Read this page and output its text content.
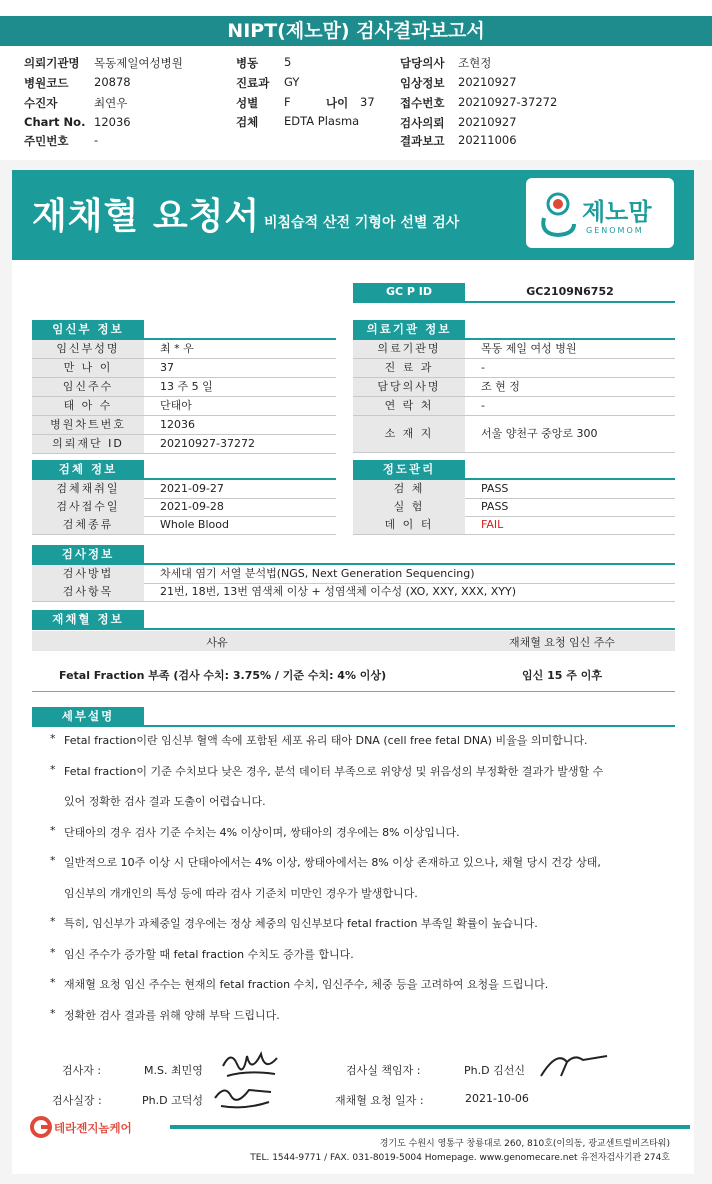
NIPT(제노맘) 검사결과보고서
의뢰기관명 목동제일여성병원
병원코드 20878
수진자	최연우
Chart No. 12036
주민번호 -
병동 5
진료과 GY
성별 F	나이 37
검체 EDTA Plasma
담당의사 조현정
임상정보 20210927
접수번호 20210927-37272
검사의뢰 20210927
결과보고 20211006
재채혈 요청서 비침습적 산전 기형아 선별 검사	제노맘
GENOMOM
GC P ID	GC2109N6752
임신부 정보
임신부성명	최 * 우
만 나 이	37
임신주수	13 주 5 일
태 아 수	단태아
병원차트번호	12036
의뢰재단 ID	20210927-37272
의료기관 정보
의료기관명	목동 제일 여성 병원
진 료 과	-
담당의사명	조 현 정
연 락 처	-
소 재 지	서울 양천구 중앙로 300
검체 정보
검체채취일	2021-09-27
검사접수일	2021-09-28
검체종류	Whole Blood
정도관리
검 체	PASS
실 험	PASS
데 이 터	FAIL
검사정보
검사방법	차세대 염기 서열 분석법(NGS, Next Generation Sequencing)
검사항목	21번, 18번, 13번 염색체 이상 + 성염색체 이수성 (XO, XXY, XXX, XYY)
재채혈 정보
사유	재채혈 요청 임신 주수
Fetal Fraction 부족 (검사 수치: 3.75% / 기준 수치: 4% 이상)	임신 15 주 이후
세부설명
* Fetal fraction이란 임신부 혈액 속에 포함된 세포 유리 태아 DNA (cell free fetal DNA) 비율을 의미합니다.
* Fetal fraction이 기준 수치보다 낮은 경우, 분석 데이터 부족으로 위양성 및 위음성의 부정확한 결과가 발생할 수
있어 정확한 검사 결과 도출이 어렵습니다.
* 단태아의 경우 검사 기준 수치는 4% 이상이며, 쌍태아의 경우에는 8% 이상입니다.
* 일반적으로 10주 이상 시 단태아에서는 4% 이상, 쌍태아에서는 8% 이상 존재하고 있으나, 채혈 당시 건강 상태,
임신부의 개개인의 특성 등에 따라 검사 기준치 미만인 경우가 발생합니다.
* 특히, 임신부가 과체중일 경우에는 정상 체중의 임신부보다 fetal fraction 부족일 확률이 높습니다.
* 임신 주수가 증가할 때 fetal fraction 수치도 증가를 합니다.
* 재채혈 요청 임신 주수는 현재의 fetal fraction 수치, 임신주수, 체중 등을 고려하여 요청을 드립니다.
* 정확한 검사 결과를 위해 양해 부탁 드립니다.
검사자 :	M.S. 최민영	검사실 책임자 :	Ph.D 김선신
검사실장 :	Ph.D 고덕성	재채혈 요청 일자 :	2021-10-06
테라젠지놈케어
경기도 수원시 영통구 창룡대로 260, 810호(이의동, 광교센트럴비즈타워)
TEL. 1544-9771 / FAX. 031-8019-5004 Homepage. www.genomecare.net 유전자검사기관 274호
